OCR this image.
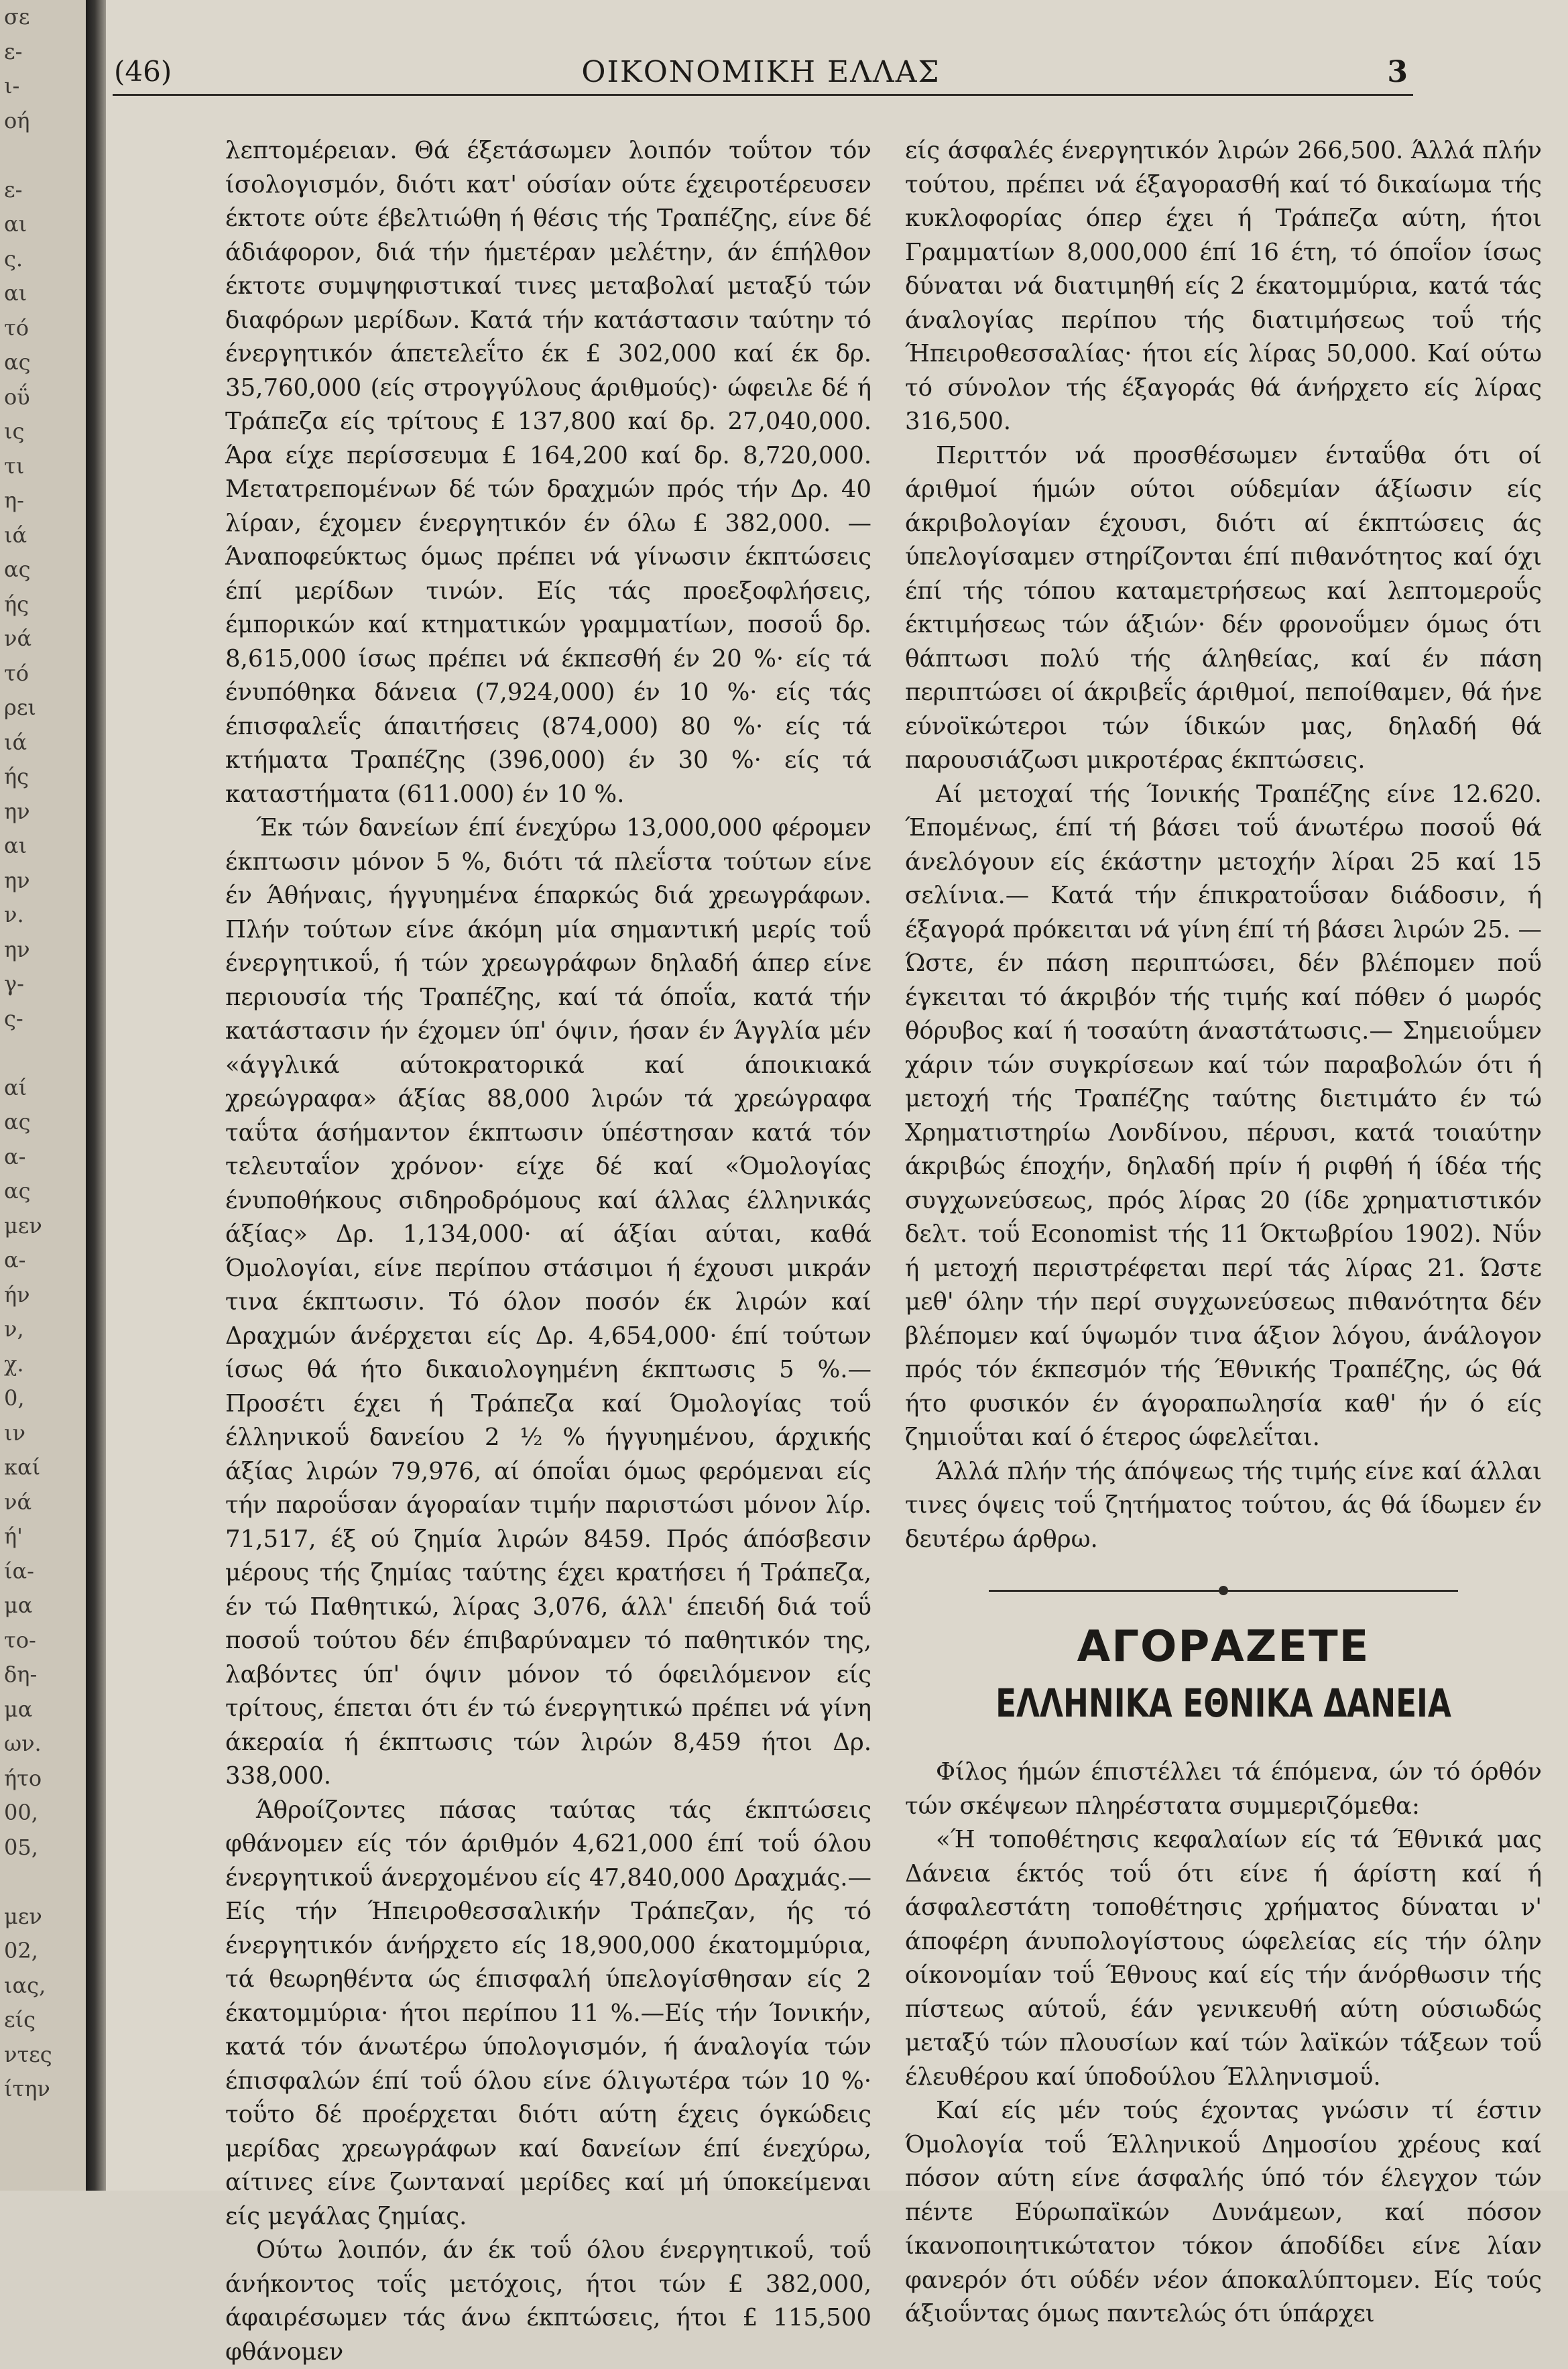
σε
ε-
ι-
οή

ε-
αι
ς.
αι
τό
ας
οΰ
ις
τι
η-
ιά
ας
ής
νά
τό
ρει
ιά
ής
ην
αι
ην
ν.
ην
γ-
ς-

αί
ας
α-
ας
μεν
α-
ήν
ν,
χ.
0,
ιν
καί
νά
ή'
ία-
μα
το-
δη-
μα
ων.
ήτο
00,
05,

μεν
02,
ιας,
είς
ντες
ίτην
(46)	ΟΙΚΟΝΟΜΙΚΗ ΕΛΛΑΣ	3

λεπτομέρειαν. Θά έξετάσωμεν λοιπόν τοΰτον τόν ίσολογισμόν, διότι κατ' ούσίαν ούτε έχειροτέρευσεν έκτοτε ούτε έβελτιώθη ή θέσις τής Τραπέζης, είνε δέ άδιάφορον, διά τήν ήμετέραν μελέτην, άν έπήλθον έκτοτε συμψηφιστικαί τινες μεταβολαί μεταξύ τών διαφόρων μερίδων. Κατά τήν κατάστασιν ταύτην τό ένεργητικόν άπετελεΐτο έκ £ 302,000 καί έκ δρ. 35,760,000 (είς στρογγύλους άριθμούς)· ώφειλε δέ ή Τράπεζα είς τρίτους £ 137,800 καί δρ. 27,040,000. Άρα είχε περίσσευμα £ 164,200 καί δρ. 8,720,000. Μετατρεπομένων δέ τών δραχμών πρός τήν Δρ. 40 λίραν, έχομεν ένεργητικόν έν όλω £ 382,000. — Άναποφεύκτως όμως πρέπει νά γίνωσιν έκπτώσεις έπί μερίδων τινών. Είς τάς προεξοφλήσεις, έμπορικών καί κτηματικών γραμματίων, ποσοΰ δρ. 8,615,000 ίσως πρέπει νά έκπεσθή έν 20 %· είς τά ένυπόθηκα δάνεια (7,924,000) έν 10 %· είς τάς έπισφαλεΐς άπαιτήσεις (874,000) 80 %· είς τά κτήματα Τραπέζης (396,000) έν 30 %· είς τά καταστήματα (611.000) έν 10 %.

Έκ τών δανείων έπί ένεχύρω 13,000,000 φέρομεν έκπτωσιν μόνον 5 %, διότι τά πλεΐστα τούτων είνε έν Άθήναις, ήγγυημένα έπαρκώς διά χρεωγράφων. Πλήν τούτων είνε άκόμη μία σημαντική μερίς τοΰ ένεργητικοΰ, ή τών χρεωγράφων δηλαδή άπερ είνε περιουσία τής Τραπέζης, καί τά όποΐα, κατά τήν κατάστασιν ήν έχομεν ύπ' όψιν, ήσαν έν Άγγλία μέν «άγγλικά αύτοκρατορικά καί άποικιακά χρεώγραφα» άξίας 88,000 λιρών τά χρεώγραφα ταΰτα άσήμαντον έκπτωσιν ύπέστησαν κατά τόν τελευταΐον χρόνον· είχε δέ καί «Όμολογίας ένυποθήκους σιδηροδρόμους καί άλλας έλληνικάς άξίας» Δρ. 1,134,000· αί άξίαι αύται, καθά Όμολογίαι, είνε περίπου στάσιμοι ή έχουσι μικράν τινα έκπτωσιν. Τό όλον ποσόν έκ λιρών καί Δραχμών άνέρχεται είς Δρ. 4,654,000· έπί τούτων ίσως θά ήτο δικαιολογημένη έκπτωσις 5 %.— Προσέτι έχει ή Τράπεζα καί Όμολογίας τοΰ έλληνικοΰ δανείου 2 ½ % ήγγυημένου, άρχικής άξίας λιρών 79,976, αί όποΐαι όμως φερόμεναι είς τήν παροΰσαν άγοραίαν τιμήν παριστώσι μόνον λίρ. 71,517, έξ ού ζημία λιρών 8459. Πρός άπόσβεσιν μέρους τής ζημίας ταύτης έχει κρατήσει ή Τράπεζα, έν τώ Παθητικώ, λίρας 3,076, άλλ' έπειδή διά τοΰ ποσοΰ τούτου δέν έπιβαρύναμεν τό παθητικόν της, λαβόντες ύπ' όψιν μόνον τό όφειλόμενον είς τρίτους, έπεται ότι έν τώ ένεργητικώ πρέπει νά γίνη άκεραία ή έκπτωσις τών λιρών 8,459 ήτοι Δρ. 338,000.

Άθροίζοντες πάσας ταύτας τάς έκπτώσεις φθάνομεν είς τόν άριθμόν 4,621,000 έπί τοΰ όλου ένεργητικοΰ άνερχομένου είς 47,840,000 Δραχμάς.—Είς τήν Ήπειροθεσσαλικήν Τράπεζαν, ής τό ένεργητικόν άνήρχετο είς 18,900,000 έκατομμύρια, τά θεωρηθέντα ώς έπισφαλή ύπελογίσθησαν είς 2 έκατομμύρια· ήτοι περίπου 11 %.—Είς τήν Ίονικήν, κατά τόν άνωτέρω ύπολογισμόν, ή άναλογία τών έπισφαλών έπί τοΰ όλου είνε όλιγωτέρα τών 10 %· τοΰτο δέ προέρχεται διότι αύτη έχεις όγκώδεις μερίδας χρεωγράφων καί δανείων έπί ένεχύρω, αίτινες είνε ζωνταναί μερίδες καί μή ύποκείμεναι είς μεγάλας ζημίας.

Ούτω λοιπόν, άν έκ τοΰ όλου ένεργητικοΰ, τοΰ άνήκοντος τοΐς μετόχοις, ήτοι τών £ 382,000, άφαιρέσωμεν τάς άνω έκπτώσεις, ήτοι £ 115,500 φθάνομεν

είς άσφαλές ένεργητικόν λιρών 266,500. Άλλά πλήν τούτου, πρέπει νά έξαγορασθή καί τό δικαίωμα τής κυκλοφορίας όπερ έχει ή Τράπεζα αύτη, ήτοι Γραμματίων 8,000,000 έπί 16 έτη, τό όποΐον ίσως δύναται νά διατιμηθή είς 2 έκατομμύρια, κατά τάς άναλογίας περίπου τής διατιμήσεως τοΰ τής Ήπειροθεσσαλίας· ήτοι είς λίρας 50,000. Καί ούτω τό σύνολον τής έξαγοράς θά άνήρχετο είς λίρας 316,500.

Περιττόν νά προσθέσωμεν ένταΰθα ότι οί άριθμοί ήμών ούτοι ούδεμίαν άξίωσιν είς άκριβολογίαν έχουσι, διότι αί έκπτώσεις άς ύπελογίσαμεν στηρίζονται έπί πιθανότητος καί όχι έπί τής τόπου καταμετρήσεως καί λεπτομεροΰς έκτιμήσεως τών άξιών· δέν φρονοΰμεν όμως ότι θάπτωσι πολύ τής άληθείας, καί έν πάση περιπτώσει οί άκριβεΐς άριθμοί, πεποίθαμεν, θά ήνε εύνοϊκώτεροι τών ίδικών μας, δηλαδή θά παρουσιάζωσι μικροτέρας έκπτώσεις.

Αί μετοχαί τής Ίονικής Τραπέζης είνε 12.620. Έπομένως, έπί τή βάσει τοΰ άνωτέρω ποσοΰ θά άνελόγουν είς έκάστην μετοχήν λίραι 25 καί 15 σελίνια.— Κατά τήν έπικρατοΰσαν διάδοσιν, ή έξαγορά πρόκειται νά γίνη έπί τή βάσει λιρών 25. — Ώστε, έν πάση περιπτώσει, δέν βλέπομεν ποΰ έγκειται τό άκριβόν τής τιμής καί πόθεν ό μωρός θόρυβος καί ή τοσαύτη άναστάτωσις.— Σημειοΰμεν χάριν τών συγκρίσεων καί τών παραβολών ότι ή μετοχή τής Τραπέζης ταύτης διετιμάτο έν τώ Χρηματιστηρίω Λονδίνου, πέρυσι, κατά τοιαύτην άκριβώς έποχήν, δηλαδή πρίν ή ριφθή ή ίδέα τής συγχωνεύσεως, πρός λίρας 20 (ίδε χρηματιστικόν δελτ. τοΰ Economist τής 11 Όκτωβρίου 1902). Νΰν ή μετοχή περιστρέφεται περί τάς λίρας 21. Ώστε μεθ' όλην τήν περί συγχωνεύσεως πιθανότητα δέν βλέπομεν καί ύψωμόν τινα άξιον λόγου, άνάλογον πρός τόν έκπεσμόν τής Έθνικής Τραπέζης, ώς θά ήτο φυσικόν έν άγοραπωλησία καθ' ήν ό είς ζημιοΰται καί ό έτερος ώφελεΐται.

Άλλά πλήν τής άπόψεως τής τιμής είνε καί άλλαι τινες όψεις τοΰ ζητήματος τούτου, άς θά ίδωμεν έν δευτέρω άρθρω.

ΑΓΟΡΑΖΕΤΕ
ΕΛΛΗΝΙΚΑ ΕΘΝΙΚΑ ΔΑΝΕΙΑ

Φίλος ήμών έπιστέλλει τά έπόμενα, ών τό όρθόν τών σκέψεων πληρέστατα συμμεριζόμεθα:

«Ή τοποθέτησις κεφαλαίων είς τά Έθνικά μας Δάνεια έκτός τοΰ ότι είνε ή άρίστη καί ή άσφαλεστάτη τοποθέτησις χρήματος δύναται ν' άποφέρη άνυπολογίστους ώφελείας είς τήν όλην οίκονομίαν τοΰ Έθνους καί είς τήν άνόρθωσιν τής πίστεως αύτοΰ, έάν γενικευθή αύτη ούσιωδώς μεταξύ τών πλουσίων καί τών λαϊκών τάξεων τοΰ έλευθέρου καί ύποδούλου Έλληνισμοΰ.

Καί είς μέν τούς έχοντας γνώσιν τί έστιν Όμολογία τοΰ Έλληνικοΰ Δημοσίου χρέους καί πόσον αύτη είνε άσφαλής ύπό τόν έλεγχον τών πέντε Εύρωπαϊκών Δυνάμεων, καί πόσον ίκανοποιητικώτατον τόκον άποδίδει είνε λίαν φανερόν ότι ούδέν νέον άποκαλύπτομεν. Είς τούς άξιοΰντας όμως παντελώς ότι ύπάρχει
